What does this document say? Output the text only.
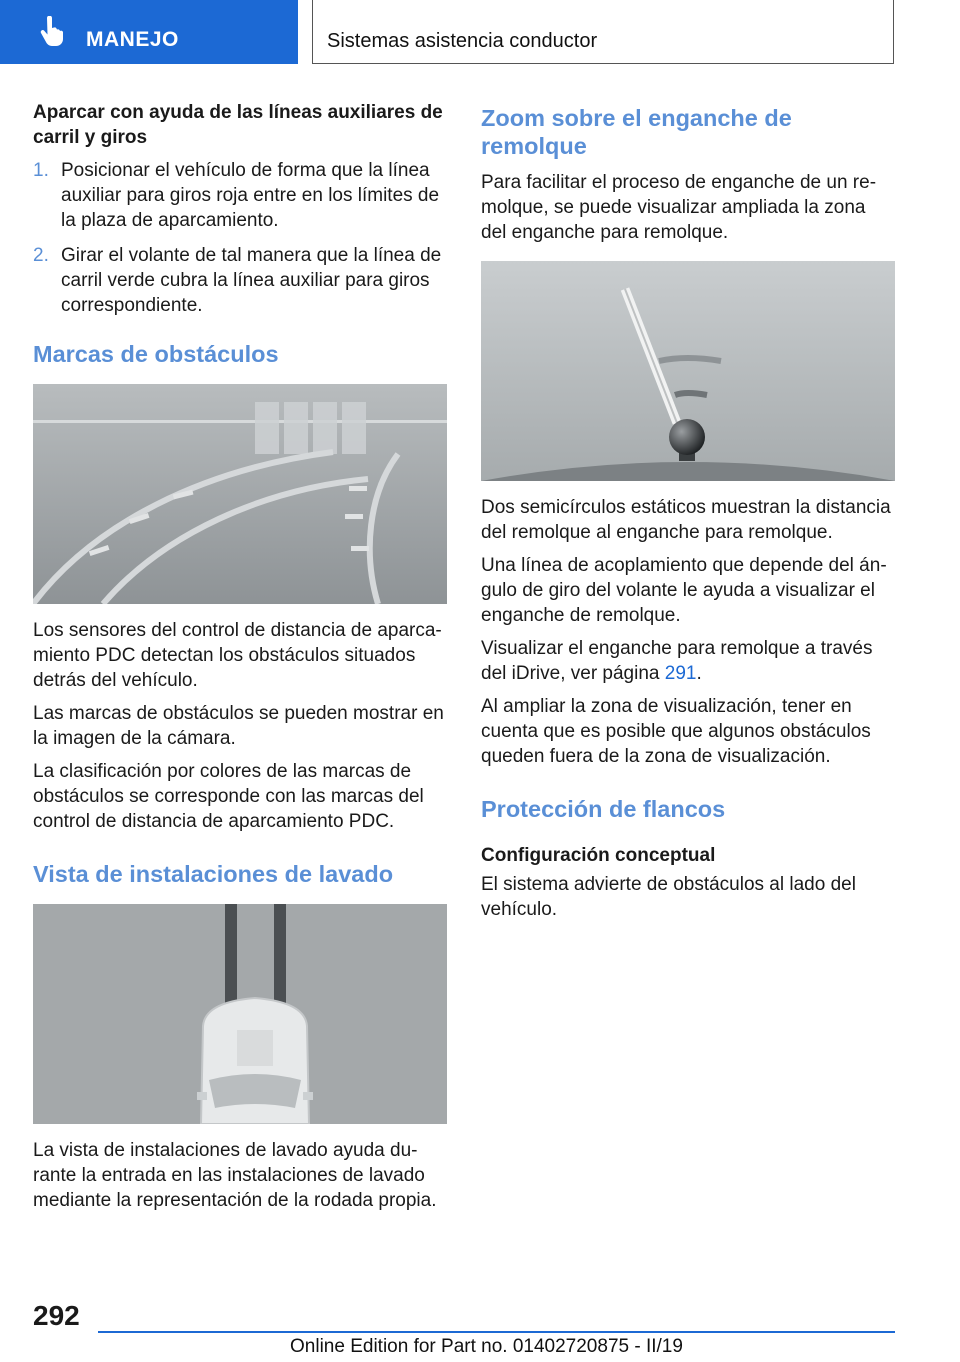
MANEJO	Sistemas asistencia conductor
Aparcar con ayuda de las líneas auxiliares de carril y giros
1. Posicionar el vehículo de forma que la línea auxiliar para giros roja entre en los límites de la plaza de aparcamiento.
2. Girar el volante de tal manera que la línea de carril verde cubra la línea auxiliar para giros correspondiente.
Marcas de obstáculos

Los sensores del control de distancia de aparca‐miento PDC detectan los obstáculos situados detrás del vehículo.

Las marcas de obstáculos se pueden mostrar en la imagen de la cámara.

La clasificación por colores de las marcas de obstáculos se corresponde con las marcas del control de distancia de aparcamiento PDC.

Vista de instalaciones de lavado

La vista de instalaciones de lavado ayuda du‐rante la entrada en las instalaciones de lavado mediante la representación de la rodada propia.

Zoom sobre el enganche de remolque

Para facilitar el proceso de enganche de un re‐molque, se puede visualizar ampliada la zona del enganche para remolque.

Dos semicírculos estáticos muestran la distancia del remolque al enganche para remolque.

Una línea de acoplamiento que depende del án‐gulo de giro del volante le ayuda a visualizar el enganche de remolque.

Visualizar el enganche para remolque a través del iDrive, ver página 291.

Al ampliar la zona de visualización, tener en cuenta que es posible que algunos obstáculos queden fuera de la zona de visualización.

Protección de flancos
Configuración conceptual

El sistema advierte de obstáculos al lado del vehículo.

292
Online Edition for Part no. 01402720875 - II/19
